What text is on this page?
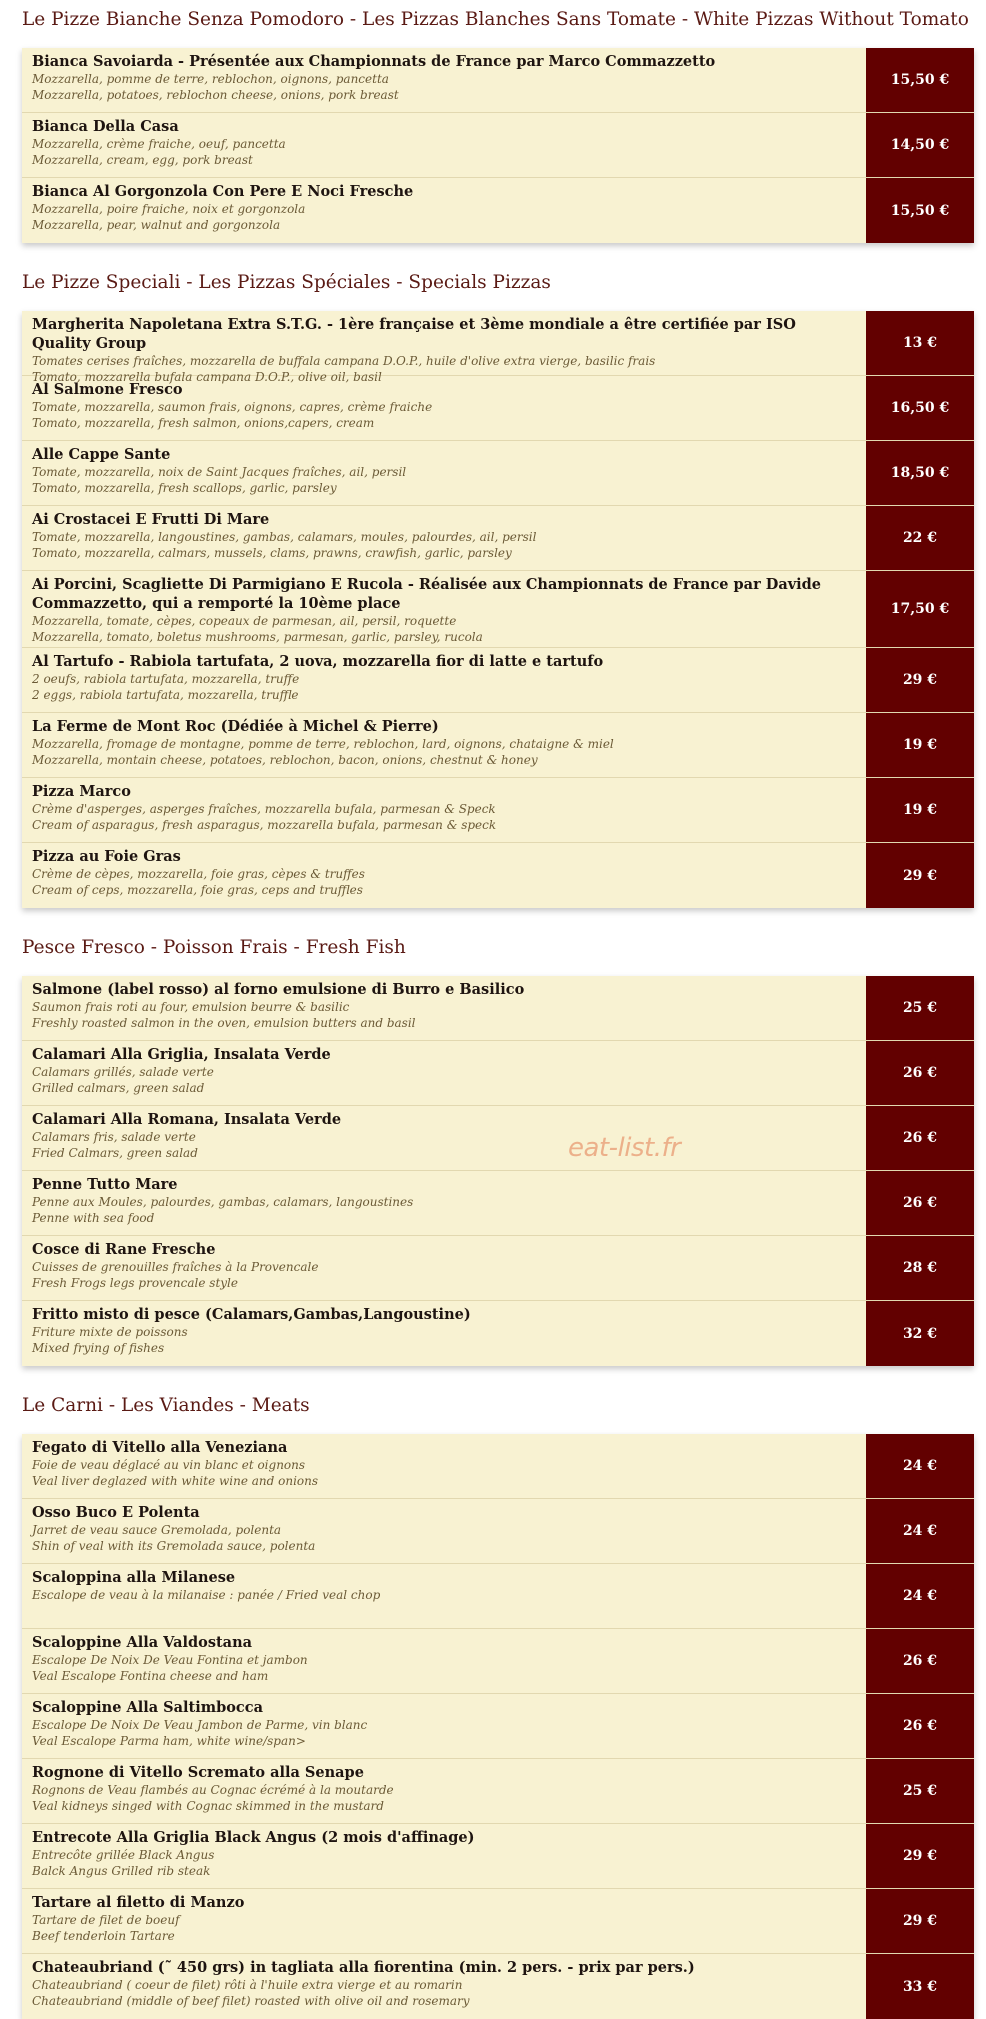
Le Pizze Bianche Senza Pomodoro - Les Pizzas Blanches Sans Tomate - White Pizzas Without Tomato
Bianca Savoiarda - Présentée aux Championnats de France par Marco Commazzetto
Mozzarella, pomme de terre, reblochon, oignons, pancetta
Mozzarella, potatoes, reblochon cheese, onions, pork breast
15,50 €
Bianca Della Casa
Mozzarella, crème fraiche, oeuf, pancetta
Mozzarella, cream, egg, pork breast
14,50 €
Bianca Al Gorgonzola Con Pere E Noci Fresche
Mozzarella, poire fraiche, noix et gorgonzola
Mozzarella, pear, walnut and gorgonzola
15,50 €
Le Pizze Speciali - Les Pizzas Spéciales - Specials Pizzas
Margherita Napoletana Extra S.T.G. - 1ère française et 3ème mondiale a être certifiée par ISO Quality Group
Tomates cerises fraîches, mozzarella de buffala campana D.O.P., huile d'olive extra vierge, basilic frais
Tomato, mozzarella bufala campana D.O.P., olive oil, basil
13 €
Al Salmone Fresco
Tomate, mozzarella, saumon frais, oignons, capres, crème fraiche
Tomato, mozzarella, fresh salmon, onions,capers, cream
16,50 €
Alle Cappe Sante
Tomate, mozzarella, noix de Saint Jacques fraîches, ail, persil
Tomato, mozzarella, fresh scallops, garlic, parsley
18,50 €
Ai Crostacei E Frutti Di Mare
Tomate, mozzarella, langoustines, gambas, calamars, moules, palourdes, ail, persil
Tomato, mozzarella, calmars, mussels, clams, prawns, crawfish, garlic, parsley
22 €
Ai Porcini, Scagliette Di Parmigiano E Rucola - Réalisée aux Championnats de France par Davide Commazzetto, qui a remporté la 10ème place
Mozzarella, tomate, cèpes, copeaux de parmesan, ail, persil, roquette
Mozzarella, tomato, boletus mushrooms, parmesan, garlic, parsley, rucola
17,50 €
Al Tartufo - Rabiola tartufata, 2 uova, mozzarella fior di latte e tartufo
2 oeufs, rabiola tartufata, mozzarella, truffe
2 eggs, rabiola tartufata, mozzarella, truffle
29 €
La Ferme de Mont Roc (Dédiée à Michel & Pierre)
Mozzarella, fromage de montagne, pomme de terre, reblochon, lard, oignons, chataigne & miel
Mozzarella, montain cheese, potatoes, reblochon, bacon, onions, chestnut & honey
19 €
Pizza Marco
Crème d'asperges, asperges fraîches, mozzarella bufala, parmesan & Speck
Cream of asparagus, fresh asparagus, mozzarella bufala, parmesan & speck
19 €
Pizza au Foie Gras
Crème de cèpes, mozzarella, foie gras, cèpes & truffes
Cream of ceps, mozzarella, foie gras, ceps and truffles
29 €
Pesce Fresco - Poisson Frais - Fresh Fish
Salmone (label rosso) al forno emulsione di Burro e Basilico
Saumon frais roti au four, emulsion beurre & basilic
Freshly roasted salmon in the oven, emulsion butters and basil
25 €
Calamari Alla Griglia, Insalata Verde
Calamars grillés, salade verte
Grilled calmars, green salad
26 €
Calamari Alla Romana, Insalata Verde
Calamars fris, salade verte
Fried Calmars, green salad
26 €
Penne Tutto Mare
Penne aux Moules, palourdes, gambas, calamars, langoustines
Penne with sea food
26 €
Cosce di Rane Fresche
Cuisses de grenouilles fraîches à la Provencale
Fresh Frogs legs provencale style
28 €
Fritto misto di pesce (Calamars,Gambas,Langoustine)
Friture mixte de poissons
Mixed frying of fishes
32 €
Le Carni - Les Viandes - Meats
Fegato di Vitello alla Veneziana
Foie de veau déglacé au vin blanc et oignons
Veal liver deglazed with white wine and onions
24 €
Osso Buco E Polenta
Jarret de veau sauce Gremolada, polenta
Shin of veal with its Gremolada sauce, polenta
24 €
Scaloppina alla Milanese
Escalope de veau à la milanaise : panée / Fried veal chop	24 €
Scaloppine Alla Valdostana
Escalope De Noix De Veau Fontina et jambon
Veal Escalope Fontina cheese and ham
26 €
Scaloppine Alla Saltimbocca
Escalope De Noix De Veau Jambon de Parme, vin blanc
Veal Escalope Parma ham, white wine/span>
26 €
Rognone di Vitello Scremato alla Senape
Rognons de Veau flambés au Cognac écrémé à la moutarde
Veal kidneys singed with Cognac skimmed in the mustard
25 €
Entrecote Alla Griglia Black Angus (2 mois d'affinage)
Entrecôte grillée Black Angus
Balck Angus Grilled rib steak
29 €
Tartare al filetto di Manzo
Tartare de filet de boeuf
Beef tenderloin Tartare
29 €
Chateaubriand (˜ 450 grs) in tagliata alla fiorentina (min. 2 pers. - prix par pers.)
Chateaubriand ( coeur de filet) rôti à l'huile extra vierge et au romarin
Chateaubriand (middle of beef filet) roasted with olive oil and rosemary
33 €
eat-list.fr
